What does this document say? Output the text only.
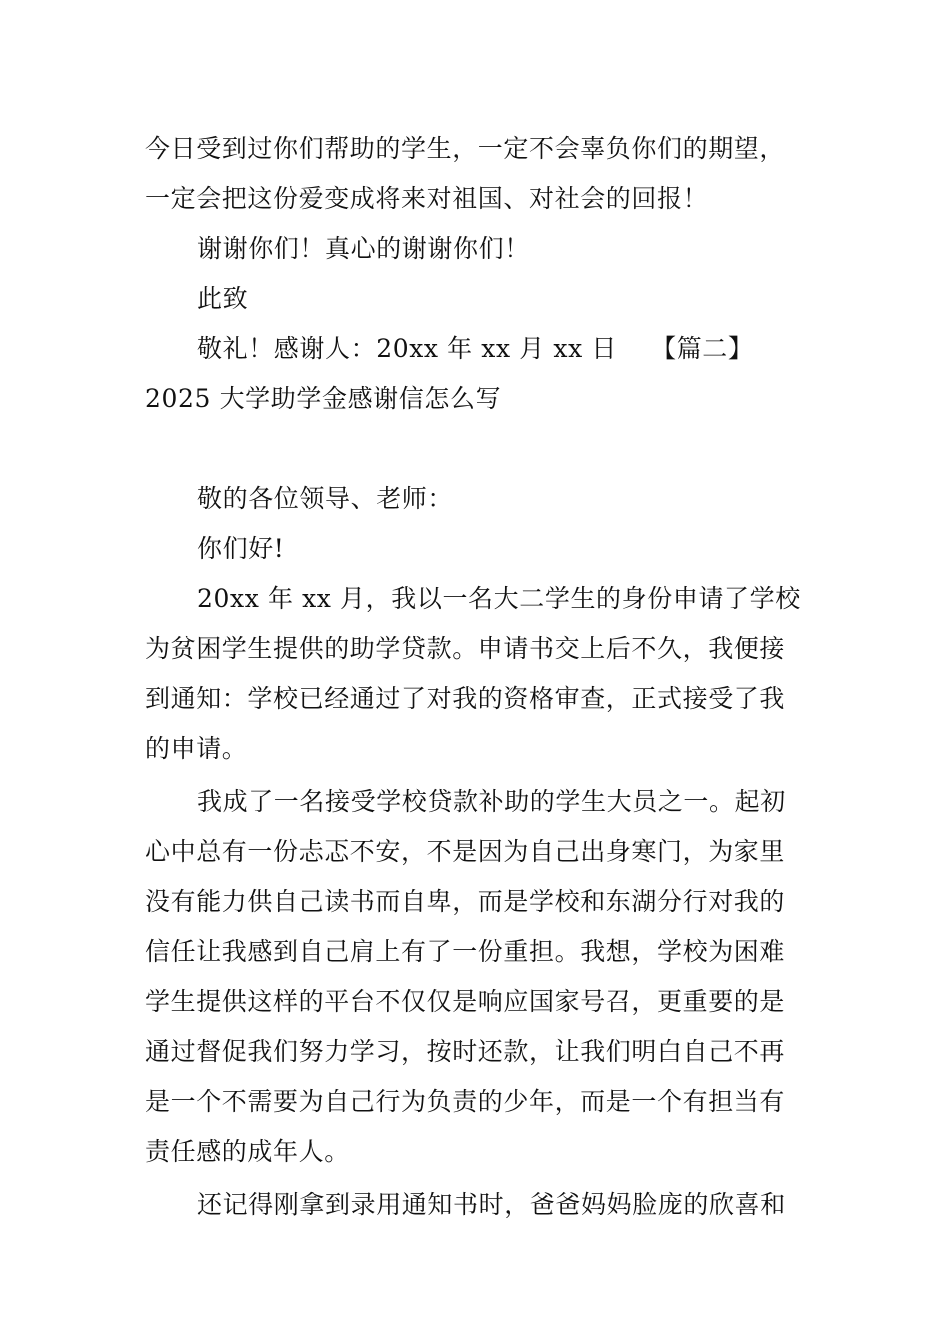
今日受到过你们帮助的学生，一定不会辜负你们的期望，一定会把这份爱变成将来对祖国、对社会的回报！

谢谢你们！真心的谢谢你们！

此致

敬礼！感谢人：20xx 年 xx 月 xx 日　 【篇二】2025 大学助学金感谢信怎么写

敬的各位领导、老师：

你们好!

20xx 年 xx 月，我以一名大二学生的身份申请了学校为贫困学生提供的助学贷款。申请书交上后不久，我便接到通知：学校已经通过了对我的资格审查，正式接受了我的申请。

我成了一名接受学校贷款补助的学生大员之一。起初心中总有一份忐忑不安，不是因为自己出身寒门，为家里没有能力供自己读书而自卑，而是学校和东湖分行对我的信任让我感到自己肩上有了一份重担。我想，学校为困难学生提供这样的平台不仅仅是响应国家号召，更重要的是通过督促我们努力学习，按时还款，让我们明白自己不再是一个不需要为自己行为负责的少年，而是一个有担当有责任感的成年人。

还记得刚拿到录用通知书时，爸爸妈妈脸庞的欣喜和
